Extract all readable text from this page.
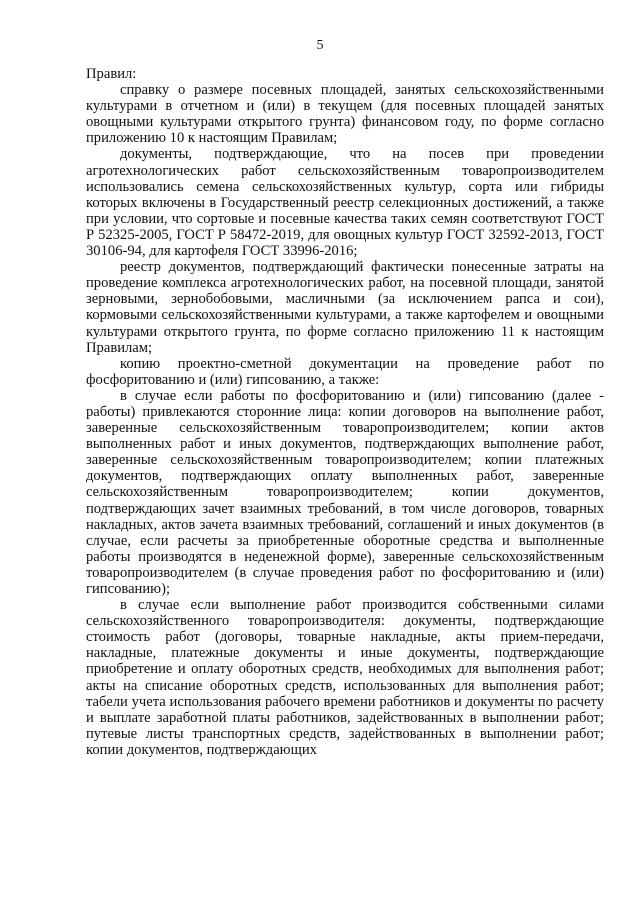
5

Правил:

справку о размере посевных площадей, занятых сельскохозяйственными культурами в отчетном и (или) в текущем (для посевных площадей занятых овощными культурами открытого грунта) финансовом году, по форме согласно приложению 10 к настоящим Правилам;

документы, подтверждающие, что на посев при проведении агротехнологических работ сельскохозяйственным товаропроизводителем использовались семена сельскохозяйственных культур, сорта или гибриды которых включены в Государственный реестр селекционных достижений, а также при условии, что сортовые и посевные качества таких семян соответствуют ГОСТ Р 52325-2005, ГОСТ Р 58472-2019, для овощных культур ГОСТ 32592-2013, ГОСТ 30106-94, для картофеля ГОСТ 33996-2016;

реестр документов, подтверждающий фактически понесенные затраты на проведение комплекса агротехнологических работ, на посевной площади, занятой зерновыми, зернобобовыми, масличными (за исключением рапса и сои), кормовыми сельскохозяйственными культурами, а также картофелем и овощными культурами открытого грунта, по форме согласно приложению 11 к настоящим Правилам;

копию проектно-сметной документации на проведение работ по фосфоритованию и (или) гипсованию, а также:

в случае если работы по фосфоритованию и (или) гипсованию (далее - работы) привлекаются сторонние лица: копии договоров на выполнение работ, заверенные сельскохозяйственным товаропроизводителем; копии актов выполненных работ и иных документов, подтверждающих выполнение работ, заверенные сельскохозяйственным товаропроизводителем; копии платежных документов, подтверждающих оплату выполненных работ, заверенные сельскохозяйственным товаропроизводителем; копии документов, подтверждающих зачет взаимных требований, в том числе договоров, товарных накладных, актов зачета взаимных требований, соглашений и иных документов (в случае, если расчеты за приобретенные оборотные средства и выполненные работы производятся в неденежной форме), заверенные сельскохозяйственным товаропроизводителем (в случае проведения работ по фосфоритованию и (или) гипсованию);

в случае если выполнение работ производится собственными силами сельскохозяйственного товаропроизводителя: документы, подтверждающие стоимость работ (договоры, товарные накладные, акты прием-передачи, накладные, платежные документы и иные документы, подтверждающие приобретение и оплату оборотных средств, необходимых для выполнения работ; акты на списание оборотных средств, использованных для выполнения работ; табели учета использования рабочего времени работников и документы по расчету и выплате заработной платы работников, задействованных в выполнении работ; путевые листы транспортных средств, задействованных в выполнении работ; копии документов, подтверждающих
